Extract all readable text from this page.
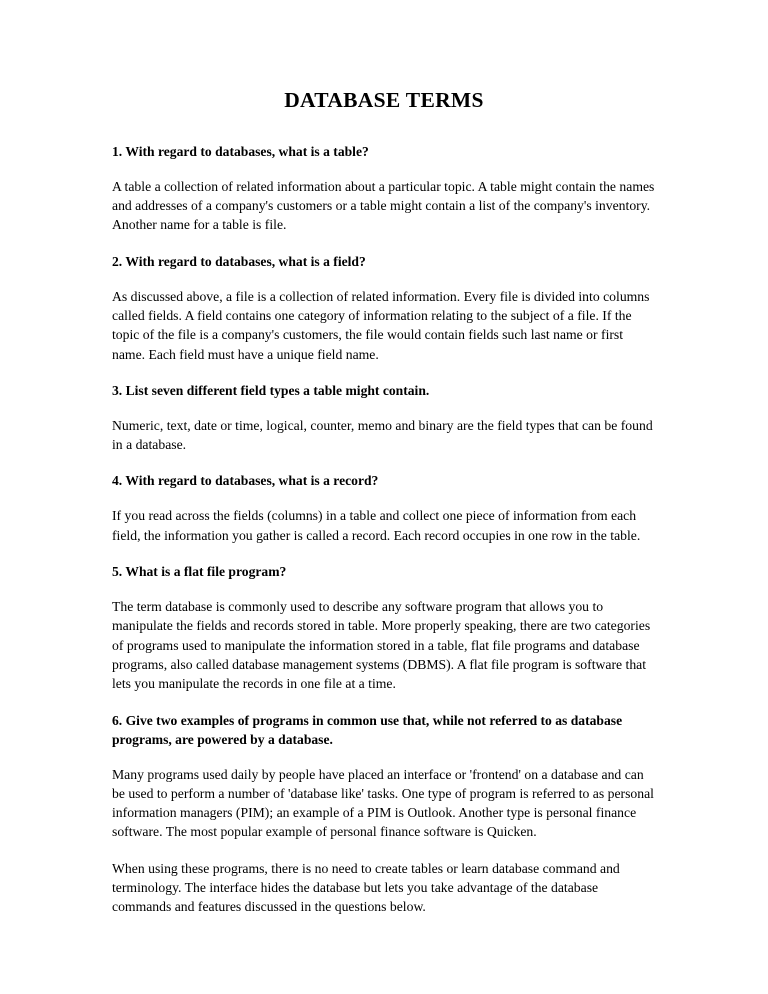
DATABASE TERMS

1. With regard to databases, what is a table?

A table a collection of related information about a particular topic. A table might contain the names and addresses of a company's customers or a table might contain a list of the company's inventory. Another name for a table is file.

2. With regard to databases, what is a field?

As discussed above, a file is a collection of related information. Every file is divided into columns called fields. A field contains one category of information relating to the subject of a file. If the topic of the file is a company's customers, the file would contain fields such last name or first name. Each field must have a unique field name.

3. List seven different field types a table might contain.

Numeric, text, date or time, logical, counter, memo and binary are the field types that can be found in a database.

4. With regard to databases, what is a record?

If you read across the fields (columns) in a table and collect one piece of information from each field, the information you gather is called a record. Each record occupies in one row in the table.

5. What is a flat file program?

The term database is commonly used to describe any software program that allows you to manipulate the fields and records stored in table. More properly speaking, there are two categories of programs used to manipulate the information stored in a table, flat file programs and database programs, also called database management systems (DBMS). A flat file program is software that lets you manipulate the records in one file at a time.

6. Give two examples of programs in common use that, while not referred to as database programs, are powered by a database.

Many programs used daily by people have placed an interface or 'frontend' on a database and can be used to perform a number of 'database like' tasks. One type of program is referred to as personal information managers (PIM); an example of a PIM is Outlook. Another type is personal finance software. The most popular example of personal finance software is Quicken.

When using these programs, there is no need to create tables or learn database command and terminology. The interface hides the database but lets you take advantage of the database commands and features discussed in the questions below.
